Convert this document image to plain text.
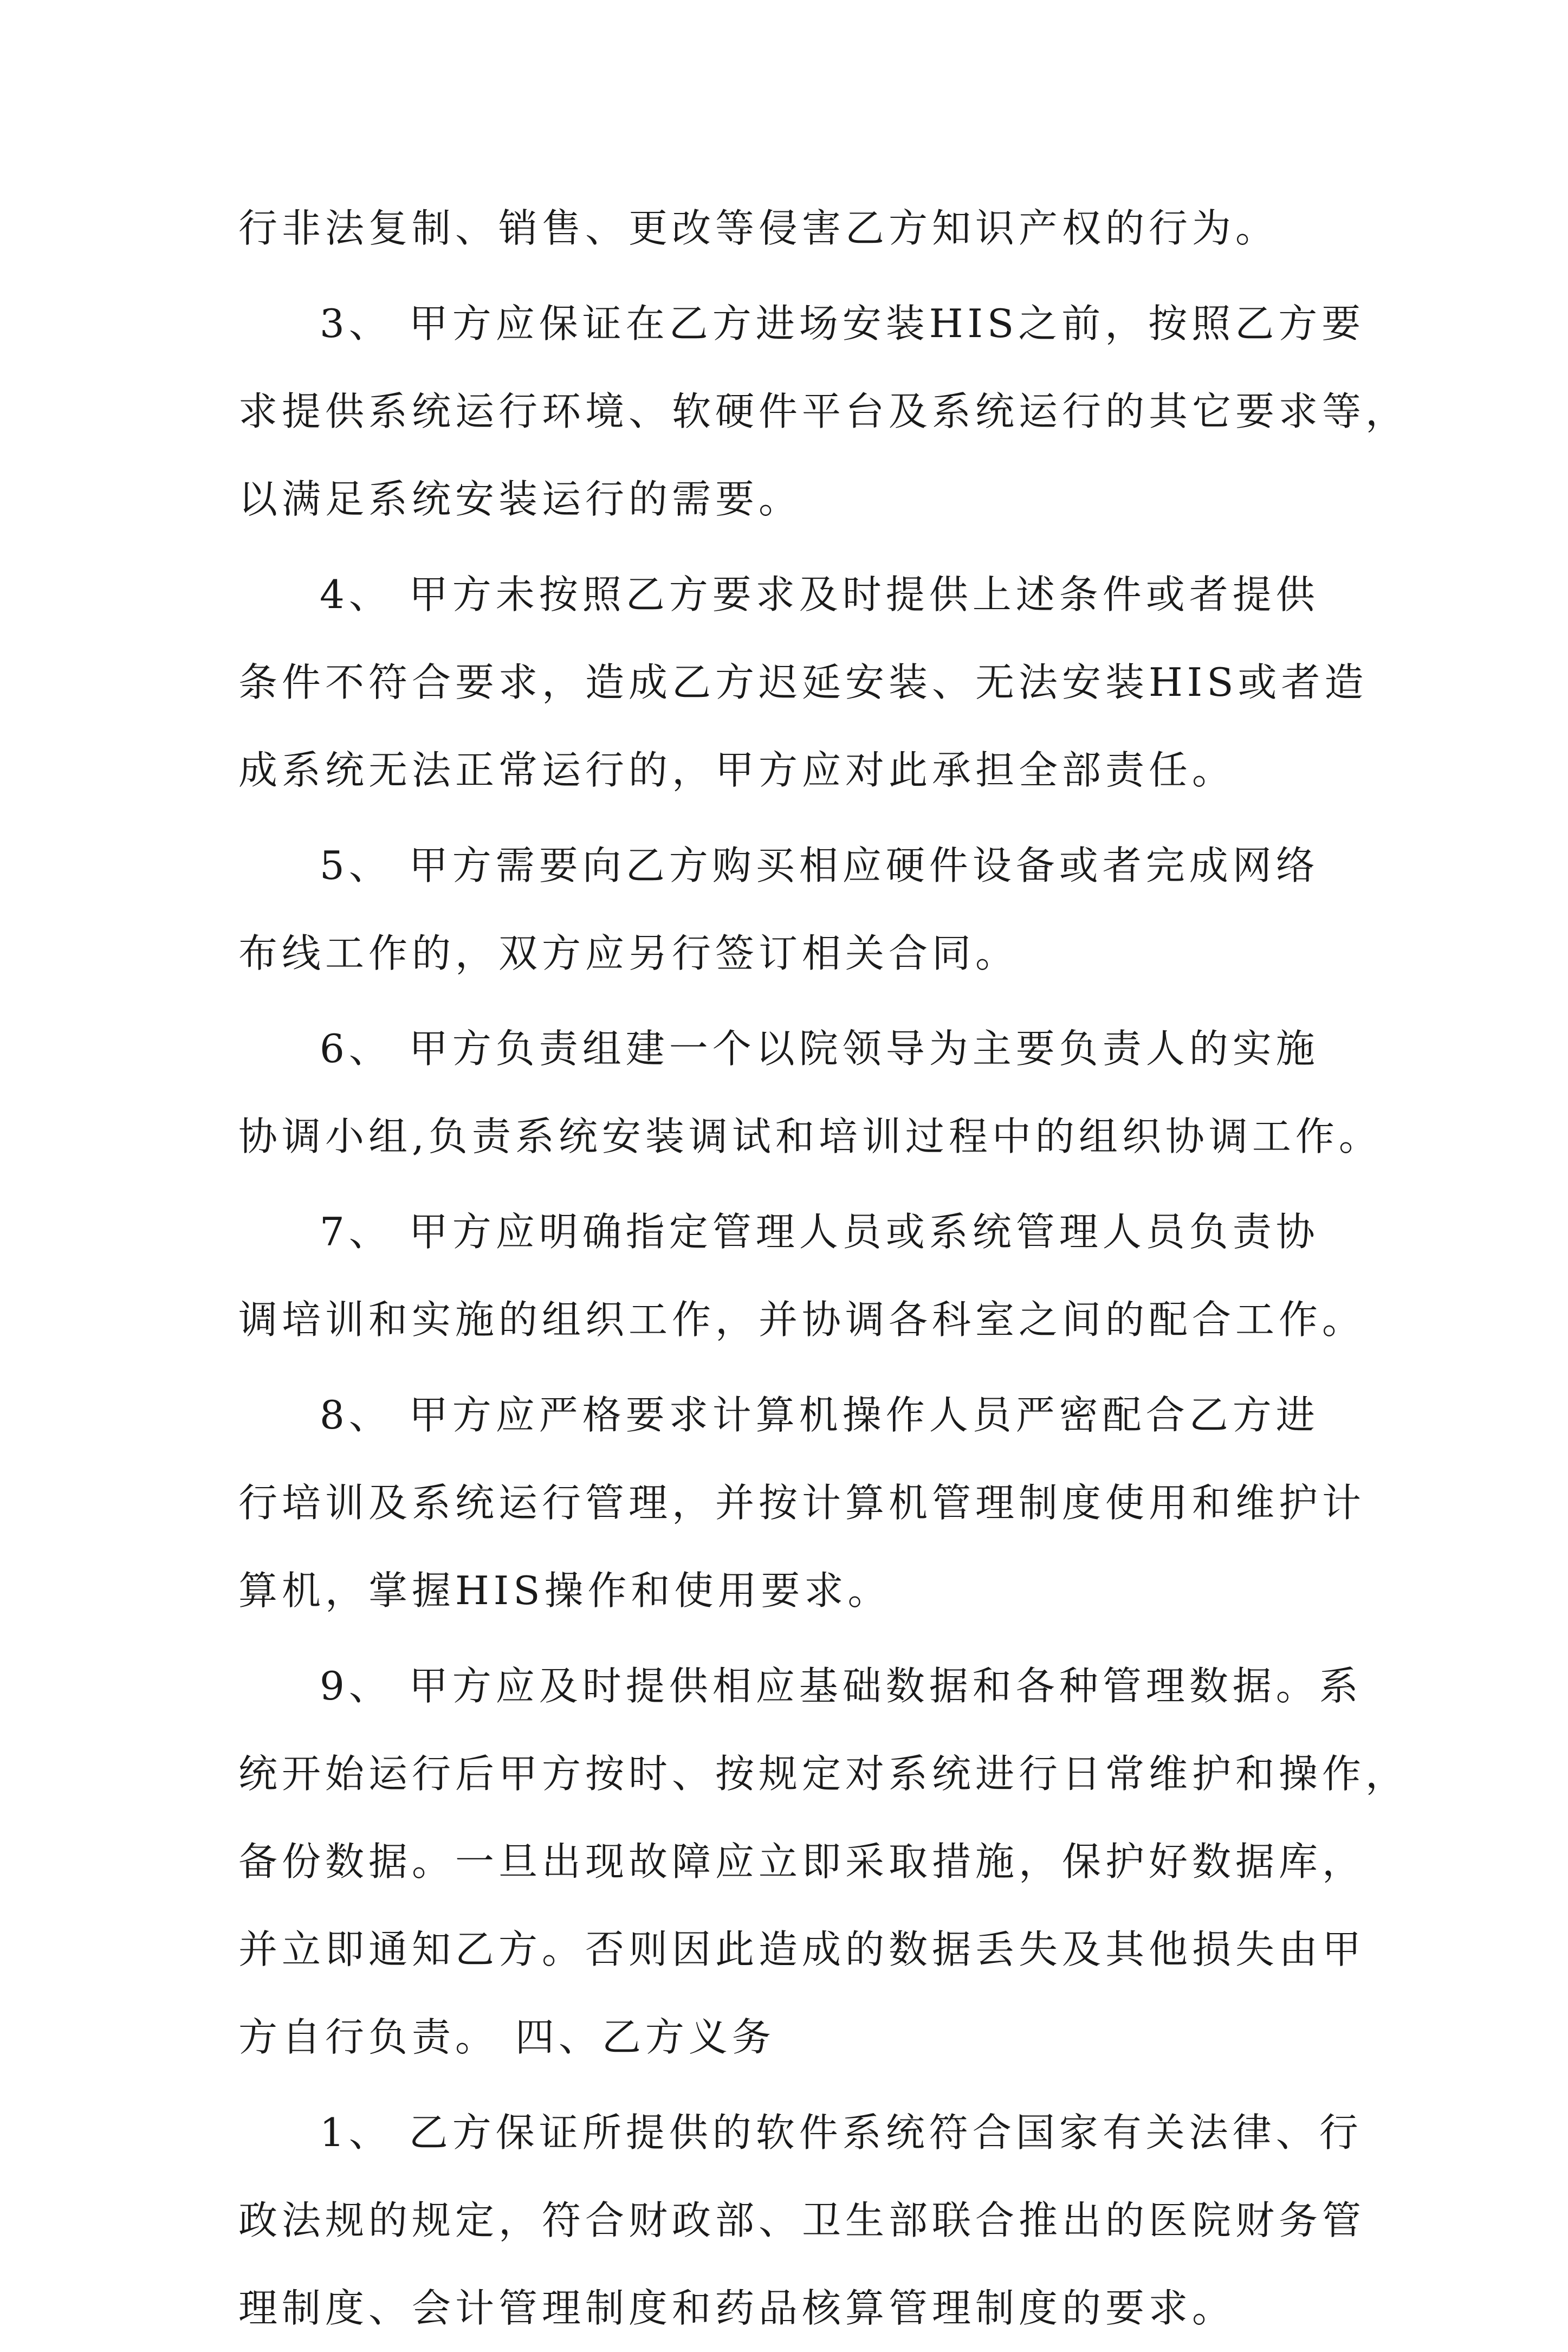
行非法复制、销售、更改等侵害乙方知识产权的行为。
3、 甲方应保证在乙方进场安装HIS之前，按照乙方要
求提供系统运行环境、软硬件平台及系统运行的其它要求等，
以满足系统安装运行的需要。
4、 甲方未按照乙方要求及时提供上述条件或者提供
条件不符合要求，造成乙方迟延安装、无法安装HIS或者造
成系统无法正常运行的，甲方应对此承担全部责任。
5、 甲方需要向乙方购买相应硬件设备或者完成网络
布线工作的，双方应另行签订相关合同。
6、 甲方负责组建一个以院领导为主要负责人的实施
协调小组,负责系统安装调试和培训过程中的组织协调工作。
7、 甲方应明确指定管理人员或系统管理人员负责协
调培训和实施的组织工作，并协调各科室之间的配合工作。
8、 甲方应严格要求计算机操作人员严密配合乙方进
行培训及系统运行管理，并按计算机管理制度使用和维护计
算机，掌握HIS操作和使用要求。
9、 甲方应及时提供相应基础数据和各种管理数据。系
统开始运行后甲方按时、按规定对系统进行日常维护和操作，
备份数据。一旦出现故障应立即采取措施，保护好数据库，
并立即通知乙方。否则因此造成的数据丢失及其他损失由甲
方自行负责。 四、乙方义务
1、 乙方保证所提供的软件系统符合国家有关法律、行
政法规的规定，符合财政部、卫生部联合推出的医院财务管
理制度、会计管理制度和药品核算管理制度的要求。
